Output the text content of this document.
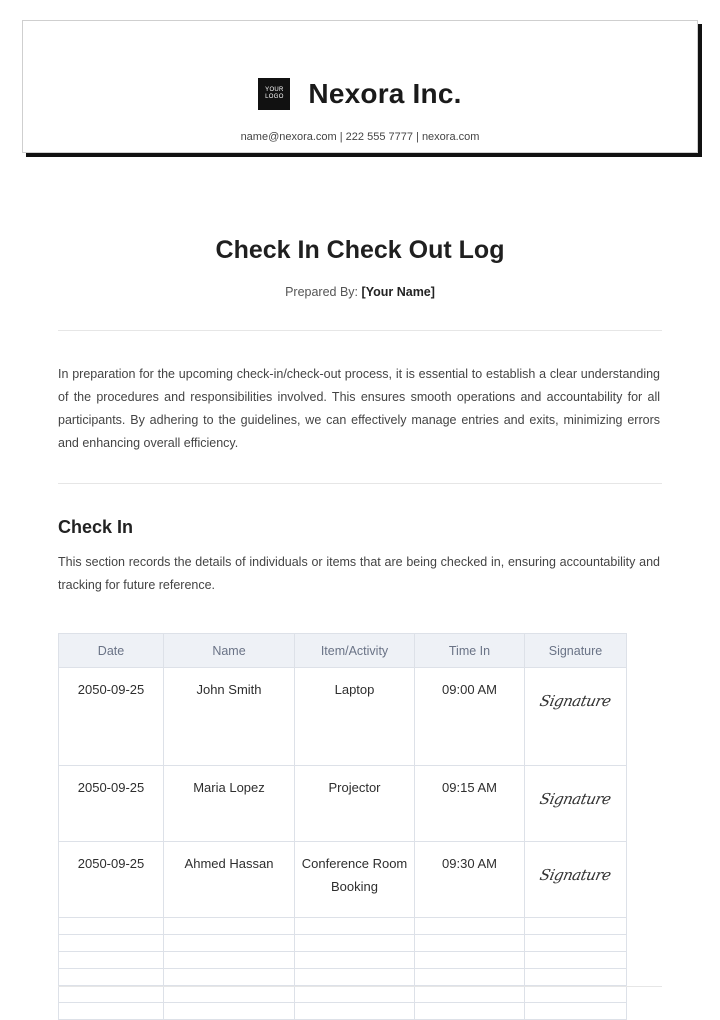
YOUR LOGO Nexora Inc.
name@nexora.com | 222 555 7777 | nexora.com
Check In Check Out Log
Prepared By: [Your Name]
In preparation for the upcoming check-in/check-out process, it is essential to establish a clear understanding of the procedures and responsibilities involved. This ensures smooth operations and accountability for all participants. By adhering to the guidelines, we can effectively manage entries and exits, minimizing errors and enhancing overall efficiency.
Check In
This section records the details of individuals or items that are being checked in, ensuring accountability and tracking for future reference.
Date	Name	Item/Activity	Time In	Signature
2050-09-25	John Smith	Laptop	09:00 AM	Signature
2050-09-25	Maria Lopez	Projector	09:15 AM	Signature
2050-09-25	Ahmed Hassan	Conference Room Booking	09:30 AM	Signature
